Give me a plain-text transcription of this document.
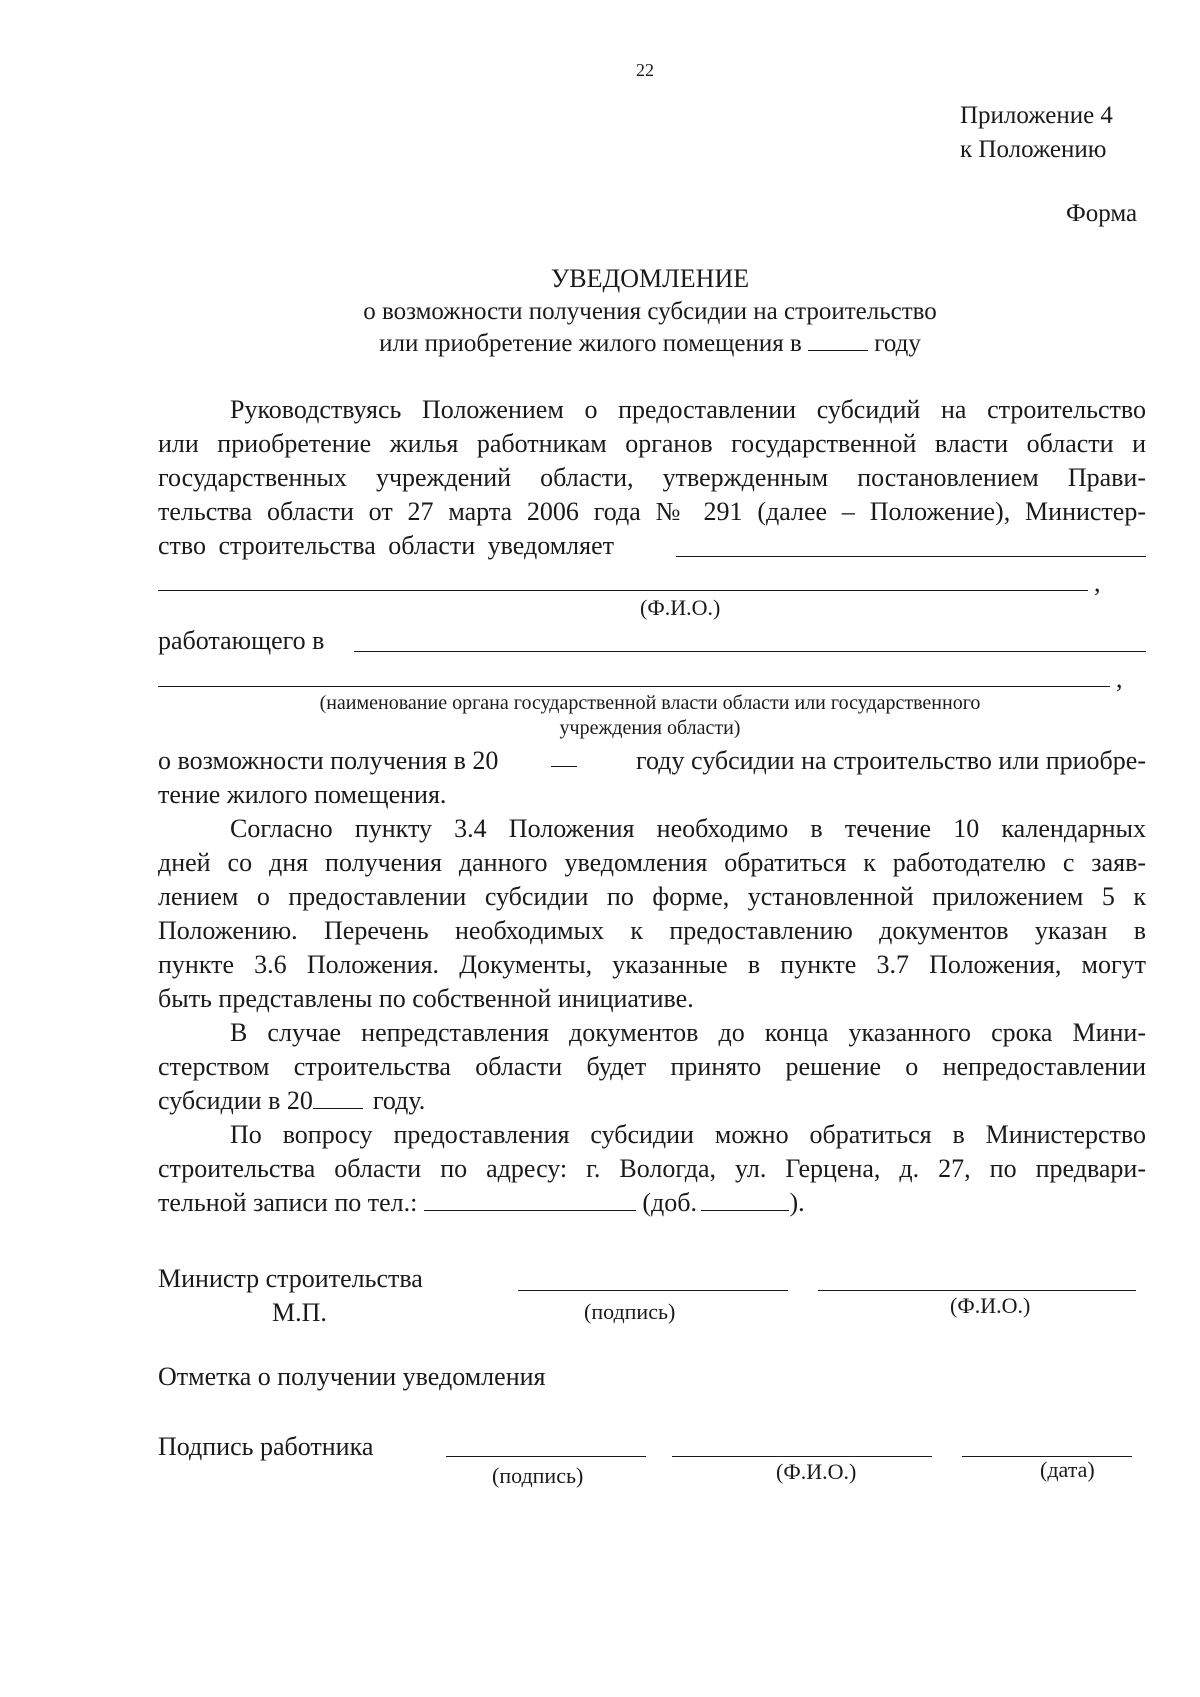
22
Приложение 4
к Положению
Форма
УВЕДОМЛЕНИЕ
о возможности получения субсидии на строительство
или приобретение жилого помещения в	году
Руководствуясь Положением о предоставлении субсидий на строительство
или приобретение жилья работникам органов государственной власти области и
государственных учреждений области, утвержденным постановлением Прави-
тельства области от 27 марта 2006 года № 291 (далее – Положение), Министер-
ство строительства области уведомляет
,
(Ф.И.О.)
работающего в
,
(наименование органа государственной власти области или государственного
учреждения области)
о возможности получения в 20	году субсидии на строительство или приобре-
тение жилого помещения.
Согласно пункту 3.4 Положения необходимо в течение 10 календарных
дней со дня получения данного уведомления обратиться к работодателю с заяв-
лением о предоставлении субсидии по форме, установленной приложением 5 к
Положению. Перечень необходимых к предоставлению документов указан в
пункте 3.6 Положения. Документы, указанные в пункте 3.7 Положения, могут
быть представлены по собственной инициативе.
В случае непредставления документов до конца указанного срока Мини-
стерством строительства области будет принято решение о непредоставлении
субсидии в 20 году.
По вопросу предоставления субсидии можно обратиться в Министерство
строительства области по адресу: г. Вологда, ул. Герцена, д. 27, по предвари-
тельной записи по тел.:	(доб.	).
Министр строительства
М.П.	(подпись)	(Ф.И.О.)
Отметка о получении уведомления
Подпись работника
(подпись)	(Ф.И.О.)	(дата)
